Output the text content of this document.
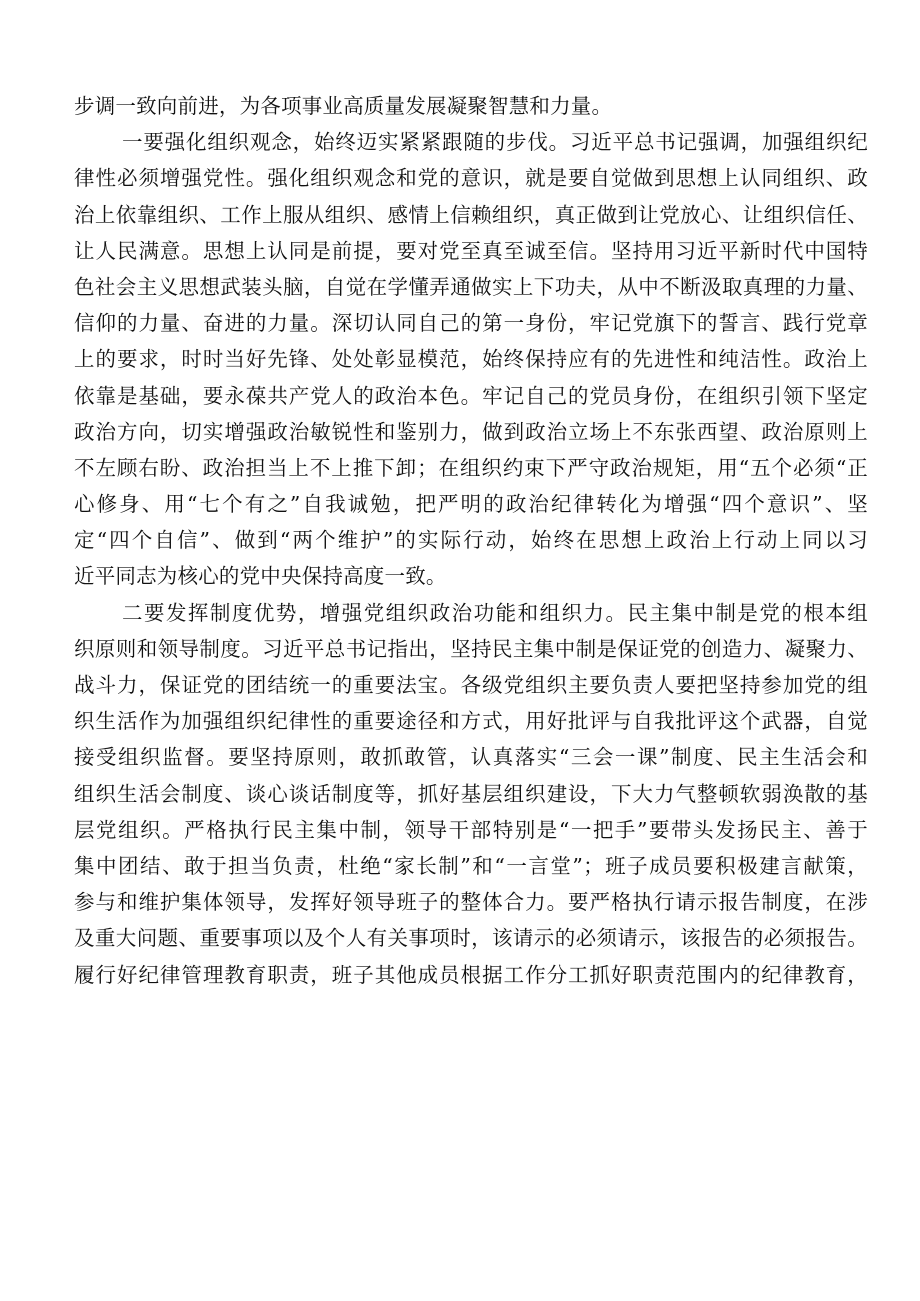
步调一致向前进，为各项事业高质量发展凝聚智慧和力量。
一要强化组织观念，始终迈实紧紧跟随的步伐。习近平总书记强调，加强组织纪
律性必须增强党性。强化组织观念和党的意识，就是要自觉做到思想上认同组织、政
治上依靠组织、工作上服从组织、感情上信赖组织，真正做到让党放心、让组织信任、
让人民满意。思想上认同是前提，要对党至真至诚至信。坚持用习近平新时代中国特
色社会主义思想武装头脑，自觉在学懂弄通做实上下功夫，从中不断汲取真理的力量、
信仰的力量、奋进的力量。深切认同自己的第一身份，牢记党旗下的誓言、践行党章
上的要求，时时当好先锋、处处彰显模范，始终保持应有的先进性和纯洁性。政治上
依靠是基础，要永葆共产党人的政治本色。牢记自己的党员身份，在组织引领下坚定
政治方向，切实增强政治敏锐性和鉴别力，做到政治立场上不东张西望、政治原则上
不左顾右盼、政治担当上不上推下卸；在组织约束下严守政治规矩，用“五个必须“正
心修身、用“七个有之”自我诚勉，把严明的政治纪律转化为增强“四个意识”、坚
定“四个自信”、做到“两个维护”的实际行动，始终在思想上政治上行动上同以习
近平同志为核心的党中央保持高度一致。
二要发挥制度优势，增强党组织政治功能和组织力。民主集中制是党的根本组
织原则和领导制度。习近平总书记指出，坚持民主集中制是保证党的创造力、凝聚力、
战斗力，保证党的团结统一的重要法宝。各级党组织主要负责人要把坚持参加党的组
织生活作为加强组织纪律性的重要途径和方式，用好批评与自我批评这个武器，自觉
接受组织监督。要坚持原则，敢抓敢管，认真落实“三会一课”制度、民主生活会和
组织生活会制度、谈心谈话制度等，抓好基层组织建设，下大力气整顿软弱涣散的基
层党组织。严格执行民主集中制，领导干部特别是“一把手”要带头发扬民主、善于
集中团结、敢于担当负责，杜绝“家长制”和“一言堂”；班子成员要积极建言献策，
参与和维护集体领导，发挥好领导班子的整体合力。要严格执行请示报告制度，在涉
及重大问题、重要事项以及个人有关事项时，该请示的必须请示，该报告的必须报告。
履行好纪律管理教育职责，班子其他成员根据工作分工抓好职责范围内的纪律教育，
